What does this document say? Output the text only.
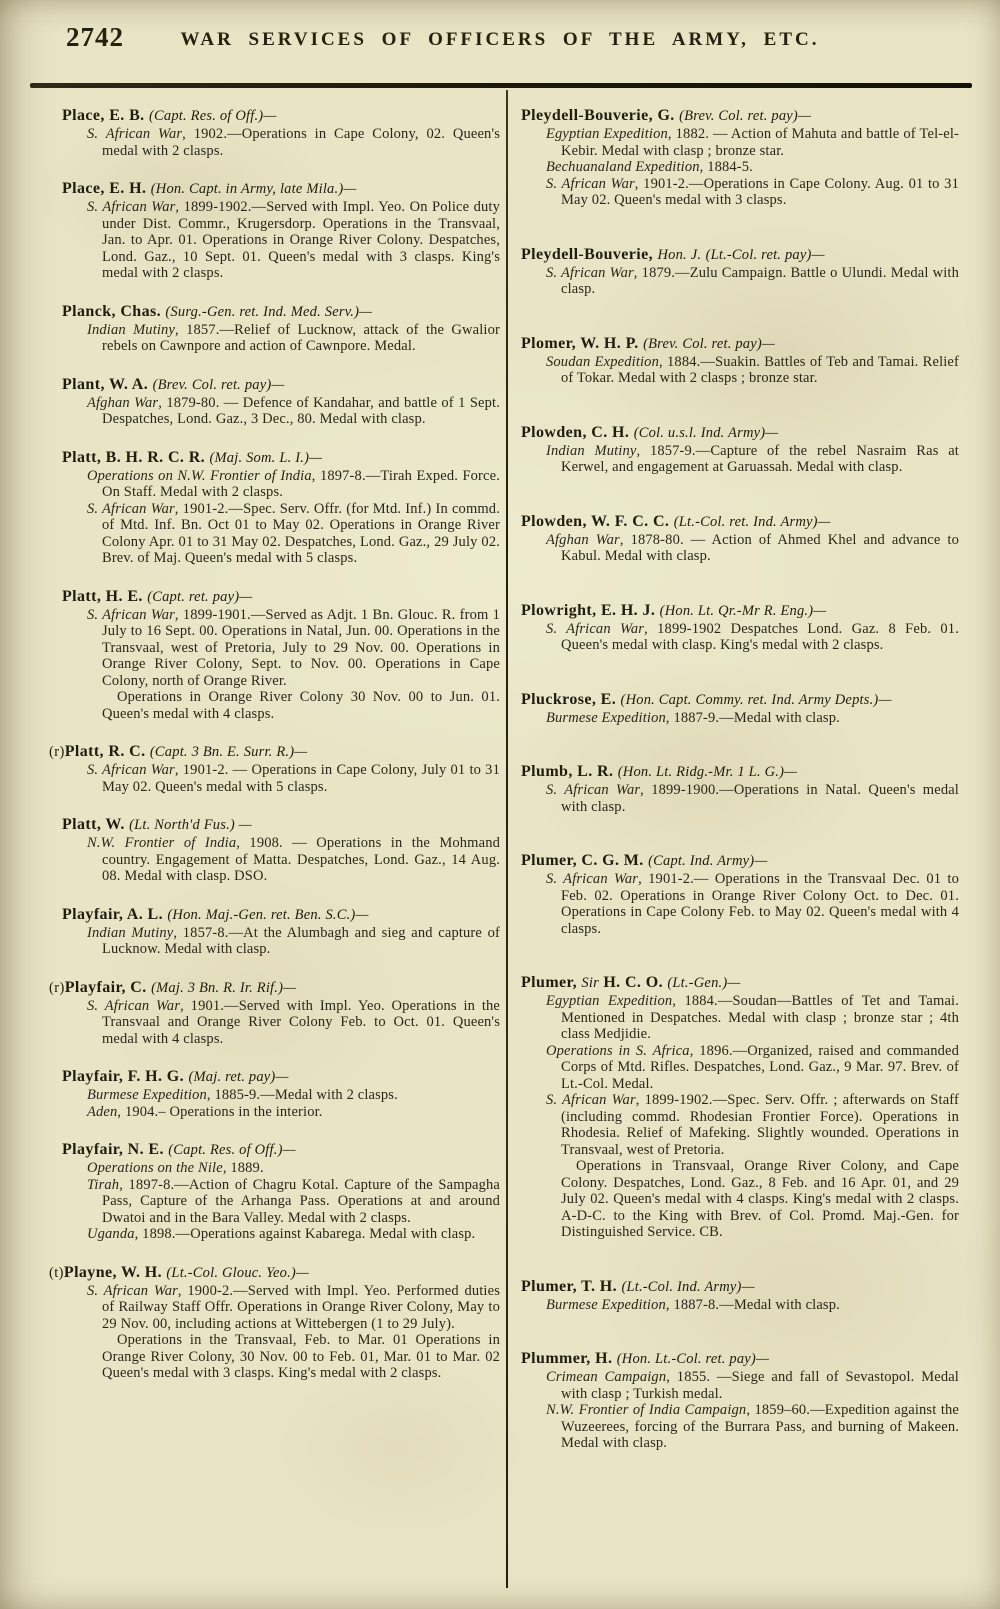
2742	WAR SERVICES OF OFFICERS OF THE ARMY, ETC.
Place, E. B. (Capt. Res. of Off.)—
S. African War, 1902.—Operations in Cape Colony, 02. Queen's medal with 2 clasps.
Place, E. H. (Hon. Capt. in Army, late Mila.)—
S. African War, 1899-1902.—Served with Impl. Yeo. On Police duty under Dist. Commr., Krugersdorp. Operations in the Transvaal, Jan. to Apr. 01. Operations in Orange River Colony. Despatches, Lond. Gaz., 10 Sept. 01. Queen's medal with 3 clasps. King's medal with 2 clasps.
Planck, Chas. (Surg.-Gen. ret. Ind. Med. Serv.)—
Indian Mutiny, 1857.—Relief of Lucknow, attack of the Gwalior rebels on Cawnpore and action of Cawnpore. Medal.
Plant, W. A. (Brev. Col. ret. pay)—
Afghan War, 1879-80. — Defence of Kandahar, and battle of 1 Sept. Despatches, Lond. Gaz., 3 Dec., 80. Medal with clasp.
Platt, B. H. R. C. R. (Maj. Som. L. I.)—
Operations on N.W. Frontier of India, 1897-8.—Tirah Exped. Force. On Staff. Medal with 2 clasps.
S. African War, 1901-2.—Spec. Serv. Offr. (for Mtd. Inf.) In commd. of Mtd. Inf. Bn. Oct 01 to May 02. Operations in Orange River Colony Apr. 01 to 31 May 02. Despatches, Lond. Gaz., 29 July 02. Brev. of Maj. Queen's medal with 5 clasps.
Platt, H. E. (Capt. ret. pay)—
S. African War, 1899-1901.—Served as Adjt. 1 Bn. Glouc. R. from 1 July to 16 Sept. 00. Operations in Natal, Jun. 00. Operations in the Transvaal, west of Pretoria, July to 29 Nov. 00. Operations in Orange River Colony, Sept. to Nov. 00. Operations in Cape Colony, north of Orange River.
Operations in Orange River Colony 30 Nov. 00 to Jun. 01. Queen's medal with 4 clasps.
(r)Platt, R. C. (Capt. 3 Bn. E. Surr. R.)—
S. African War, 1901-2. — Operations in Cape Colony, July 01 to 31 May 02. Queen's medal with 5 clasps.
Platt, W. (Lt. North'd Fus.) —
N.W. Frontier of India, 1908. — Operations in the Mohmand country. Engagement of Matta. Despatches, Lond. Gaz., 14 Aug. 08. Medal with clasp. DSO.
Playfair, A. L. (Hon. Maj.-Gen. ret. Ben. S.C.)—
Indian Mutiny, 1857-8.—At the Alumbagh and sieg and capture of Lucknow. Medal with clasp.
(r)Playfair, C. (Maj. 3 Bn. R. Ir. Rif.)—
S. African War, 1901.—Served with Impl. Yeo. Operations in the Transvaal and Orange River Colony Feb. to Oct. 01. Queen's medal with 4 clasps.
Playfair, F. H. G. (Maj. ret. pay)—
Burmese Expedition, 1885-9.—Medal with 2 clasps.
Aden, 1904.– Operations in the interior.
Playfair, N. E. (Capt. Res. of Off.)—
Operations on the Nile, 1889.
Tirah, 1897-8.—Action of Chagru Kotal. Capture of the Sampagha Pass, Capture of the Arhanga Pass. Operations at and around Dwatoi and in the Bara Valley. Medal with 2 clasps.
Uganda, 1898.—Operations against Kabarega. Medal with clasp.
(t)Playne, W. H. (Lt.-Col. Glouc. Yeo.)—
S. African War, 1900-2.—Served with Impl. Yeo. Performed duties of Railway Staff Offr. Operations in Orange River Colony, May to 29 Nov. 00, including actions at Wittebergen (1 to 29 July).
Operations in the Transvaal, Feb. to Mar. 01 Operations in Orange River Colony, 30 Nov. 00 to Feb. 01, Mar. 01 to Mar. 02 Queen's medal with 3 clasps. King's medal with 2 clasps.
Pleydell-Bouverie, G. (Brev. Col. ret. pay)—
Egyptian Expedition, 1882. — Action of Mahuta and battle of Tel-el-Kebir. Medal with clasp ; bronze star.
Bechuanaland Expedition, 1884-5.
S. African War, 1901-2.—Operations in Cape Colony. Aug. 01 to 31 May 02. Queen's medal with 3 clasps.
Pleydell-Bouverie, Hon. J. (Lt.-Col. ret. pay)—
S. African War, 1879.—Zulu Campaign. Battle o Ulundi. Medal with clasp.
Plomer, W. H. P. (Brev. Col. ret. pay)—
Soudan Expedition, 1884.—Suakin. Battles of Teb and Tamai. Relief of Tokar. Medal with 2 clasps ; bronze star.
Plowden, C. H. (Col. u.s.l. Ind. Army)—
Indian Mutiny, 1857-9.—Capture of the rebel Nasraim Ras at Kerwel, and engagement at Garuassah. Medal with clasp.
Plowden, W. F. C. C. (Lt.-Col. ret. Ind. Army)—
Afghan War, 1878-80. — Action of Ahmed Khel and advance to Kabul. Medal with clasp.
Plowright, E. H. J. (Hon. Lt. Qr.-Mr R. Eng.)—
S. African War, 1899-1902 Despatches Lond. Gaz. 8 Feb. 01. Queen's medal with clasp. King's medal with 2 clasps.
Pluckrose, E. (Hon. Capt. Commy. ret. Ind. Army Depts.)—
Burmese Expedition, 1887-9.—Medal with clasp.
Plumb, L. R. (Hon. Lt. Ridg.-Mr. 1 L. G.)—
S. African War, 1899-1900.—Operations in Natal. Queen's medal with clasp.
Plumer, C. G. M. (Capt. Ind. Army)—
S. African War, 1901-2.— Operations in the Transvaal Dec. 01 to Feb. 02. Operations in Orange River Colony Oct. to Dec. 01. Operations in Cape Colony Feb. to May 02. Queen's medal with 4 clasps.
Plumer, Sir H. C. O. (Lt.-Gen.)—
Egyptian Expedition, 1884.—Soudan—Battles of Tet and Tamai. Mentioned in Despatches. Medal with clasp ; bronze star ; 4th class Medjidie.
Operations in S. Africa, 1896.—Organized, raised and commanded Corps of Mtd. Rifles. Despatches, Lond. Gaz., 9 Mar. 97. Brev. of Lt.-Col. Medal.
S. African War, 1899-1902.—Spec. Serv. Offr. ; afterwards on Staff (including commd. Rhodesian Frontier Force). Operations in Rhodesia. Relief of Mafeking. Slightly wounded. Operations in Transvaal, west of Pretoria.
Operations in Transvaal, Orange River Colony, and Cape Colony. Despatches, Lond. Gaz., 8 Feb. and 16 Apr. 01, and 29 July 02. Queen's medal with 4 clasps. King's medal with 2 clasps. A-D-C. to the King with Brev. of Col. Promd. Maj.-Gen. for Distinguished Service. CB.
Plumer, T. H. (Lt.-Col. Ind. Army)—
Burmese Expedition, 1887-8.—Medal with clasp.
Plummer, H. (Hon. Lt.-Col. ret. pay)—
Crimean Campaign, 1855. —Siege and fall of Sevastopol. Medal with clasp ; Turkish medal.
N.W. Frontier of India Campaign, 1859–60.—Expedition against the Wuzeerees, forcing of the Burrara Pass, and burning of Makeen. Medal with clasp.
